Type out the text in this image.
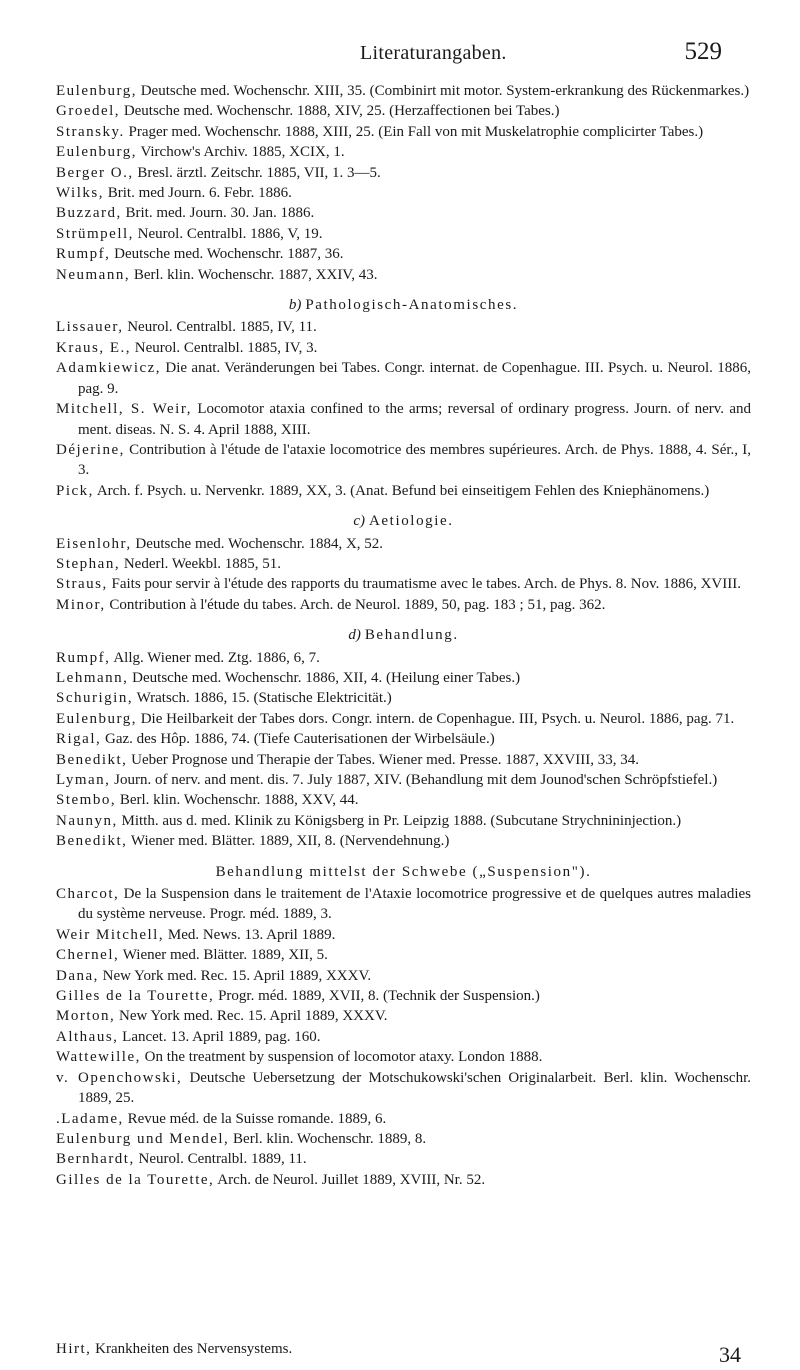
Literaturangaben.	529

Eulenburg, Deutsche med. Wochenschr. XIII, 35. (Combinirt mit motor. System-erkrankung des Rückenmarkes.)

Groedel, Deutsche med. Wochenschr. 1888, XIV, 25. (Herzaffectionen bei Tabes.)

Stransky. Prager med. Wochenschr. 1888, XIII, 25. (Ein Fall von mit Muskelatrophie complicirter Tabes.)

Eulenburg, Virchow's Archiv. 1885, XCIX, 1.

Berger O., Bresl. ärztl. Zeitschr. 1885, VII, 1. 3—5.

Wilks, Brit. med Journ. 6. Febr. 1886.

Buzzard, Brit. med. Journ. 30. Jan. 1886.

Strümpell, Neurol. Centralbl. 1886, V, 19.

Rumpf, Deutsche med. Wochenschr. 1887, 36.

Neumann, Berl. klin. Wochenschr. 1887, XXIV, 43.

b) Pathologisch-Anatomisches.

Lissauer, Neurol. Centralbl. 1885, IV, 11.

Kraus, E., Neurol. Centralbl. 1885, IV, 3.

Adamkiewicz, Die anat. Veränderungen bei Tabes. Congr. internat. de Copenhague. III. Psych. u. Neurol. 1886, pag. 9.

Mitchell, S. Weir, Locomotor ataxia confined to the arms; reversal of ordinary progress. Journ. of nerv. and ment. diseas. N. S. 4. April 1888, XIII.

Déjerine, Contribution à l'étude de l'ataxie locomotrice des membres supérieures. Arch. de Phys. 1888, 4. Sér., I, 3.

Pick, Arch. f. Psych. u. Nervenkr. 1889, XX, 3. (Anat. Befund bei einseitigem Fehlen des Kniephänomens.)

c) Aetiologie.

Eisenlohr, Deutsche med. Wochenschr. 1884, X, 52.

Stephan, Nederl. Weekbl. 1885, 51.

Straus, Faits pour servir à l'étude des rapports du traumatisme avec le tabes. Arch. de Phys. 8. Nov. 1886, XVIII.

Minor, Contribution à l'étude du tabes. Arch. de Neurol. 1889, 50, pag. 183 ; 51, pag. 362.

d) Behandlung.

Rumpf, Allg. Wiener med. Ztg. 1886, 6, 7.

Lehmann, Deutsche med. Wochenschr. 1886, XII, 4. (Heilung einer Tabes.)

Schurigin, Wratsch. 1886, 15. (Statische Elektricität.)

Eulenburg, Die Heilbarkeit der Tabes dors. Congr. intern. de Copenhague. III, Psych. u. Neurol. 1886, pag. 71.

Rigal, Gaz. des Hôp. 1886, 74. (Tiefe Cauterisationen der Wirbelsäule.)

Benedikt, Ueber Prognose und Therapie der Tabes. Wiener med. Presse. 1887, XXVIII, 33, 34.

Lyman, Journ. of nerv. and ment. dis. 7. July 1887, XIV. (Behandlung mit dem Jounod'schen Schröpfstiefel.)

Stembo, Berl. klin. Wochenschr. 1888, XXV, 44.

Naunyn, Mitth. aus d. med. Klinik zu Königsberg in Pr. Leipzig 1888. (Subcutane Strychnininjection.)

Benedikt, Wiener med. Blätter. 1889, XII, 8. (Nervendehnung.)

Behandlung mittelst der Schwebe („Suspension").

Charcot, De la Suspension dans le traitement de l'Ataxie locomotrice progressive et de quelques autres maladies du système nerveuse. Progr. méd. 1889, 3.

Weir Mitchell, Med. News. 13. April 1889.

Chernel, Wiener med. Blätter. 1889, XII, 5.

Dana, New York med. Rec. 15. April 1889, XXXV.

Gilles de la Tourette, Progr. méd. 1889, XVII, 8. (Technik der Suspension.)

Morton, New York med. Rec. 15. April 1889, XXXV.

Althaus, Lancet. 13. April 1889, pag. 160.

Wattewille, On the treatment by suspension of locomotor ataxy. London 1888.

v. Openchowski, Deutsche Uebersetzung der Motschukowski'schen Originalarbeit. Berl. klin. Wochenschr. 1889, 25.

.Ladame, Revue méd. de la Suisse romande. 1889, 6.

Eulenburg und Mendel, Berl. klin. Wochenschr. 1889, 8.

Bernhardt, Neurol. Centralbl. 1889, 11.

Gilles de la Tourette, Arch. de Neurol. Juillet 1889, XVIII, Nr. 52.

Hirt, Krankheiten des Nervensystems.	34
